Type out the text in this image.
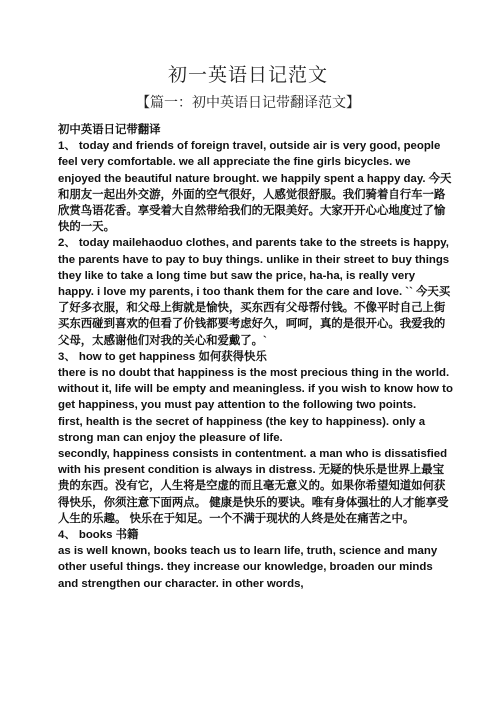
初一英语日记范文
【篇一：初中英语日记带翻译范文】

初中英语日记带翻译

1、 today and friends of foreign travel, outside air is very good, people feel very comfortable. we all appreciate the fine girls bicycles. we enjoyed the beautiful nature brought. we happily spent a happy day. 今天和朋友一起出外交游，外面的空气很好，人感觉很舒服。我们骑着自行车一路欣赏鸟语花香。享受着大自然带给我们的无限美好。大家开开心心地度过了愉快的一天。

2、 today mailehaoduo clothes, and parents take to the streets is happy, the parents have to pay to buy things. unlike in their street to buy things they like to take a long time but saw the price, ha-ha, is really very happy. i love my parents, i too thank them for the care and love. `` 今天买了好多衣服，和父母上街就是愉快，买东西有父母帮付钱。不像平时自己上街买东西碰到喜欢的但看了价钱都要考虑好久，呵呵，真的是很开心。我爱我的父母，太感谢他们对我的关心和爱戴了。`

3、 how to get happiness 如何获得快乐

there is no doubt that happiness is the most precious thing in the world. without it, life will be empty and meaningless. if you wish to know how to get happiness, you must pay attention to the following two points.

first, health is the secret of happiness (the key to happiness). only a strong man can enjoy the pleasure of life.

secondly, happiness consists in contentment. a man who is dissatisfied with his present condition is always in distress. 无疑的快乐是世界上最宝贵的东西。没有它，人生将是空虚的而且毫无意义的。如果你希望知道如何获得快乐，你须注意下面两点。 健康是快乐的要诀。唯有身体强壮的人才能享受人生的乐趣。 快乐在于知足。一个不满于现状的人终是处在痛苦之中。

4、 books 书籍

as is well known, books teach us to learn life, truth, science and many other useful things. they increase our knowledge, broaden our minds and strengthen our character. in other words,
